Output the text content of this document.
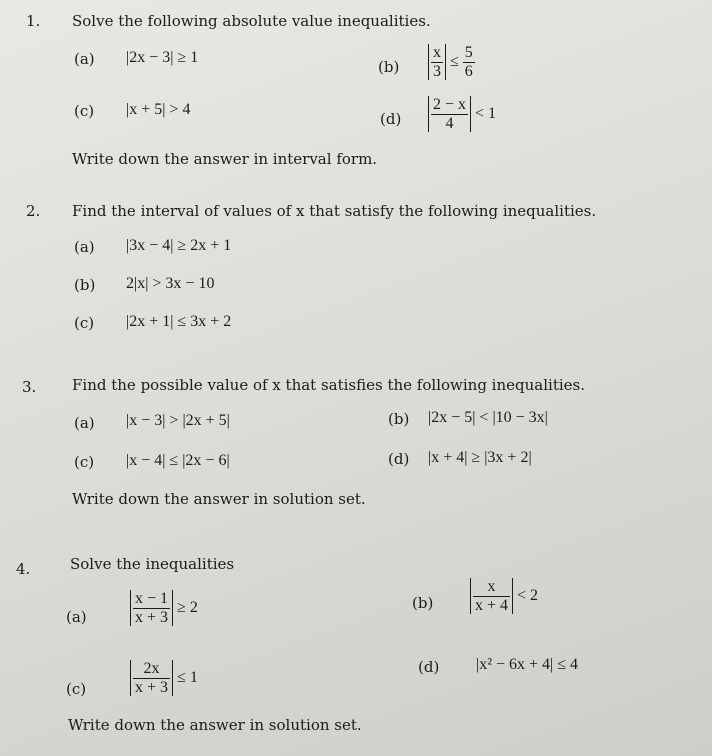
1. Solve the following absolute value inequalities.
(a) |2x − 3| ≥ 1
$(b) \frac{x}{3} \le \frac{5}{6}$
(c) |x + 5| > 4
$(d) \frac{2 - x}{4} < 1$
Write down the answer in interval form.
2. Find the interval of values of x that satisfy the following inequalities.
(a) |3x − 4| ≥ 2x + 1
(b) 2|x| > 3x − 10
(c) |2x + 1| ≤ 3x + 2
3. Find the possible value of x that satisfies the following inequalities.
(a) |x − 3| > |2x + 5|	(b) |2x − 5| < |10 − 3x|
(c) |x − 4| ≤ |2x − 6|	(d) |x + 4| ≥ |3x + 2|
Write down the answer in solution set.
4.	Solve the inequalities
(a)	$\frac{x - 1}{x + 3} \ge 2$	$(b) \frac{x}{x + 4} < 2$
(c)	$\frac{2x}{x + 3} \le 1$
(d) |x² − 6x + 4| ≤ 4
Write down the answer in solution set.
